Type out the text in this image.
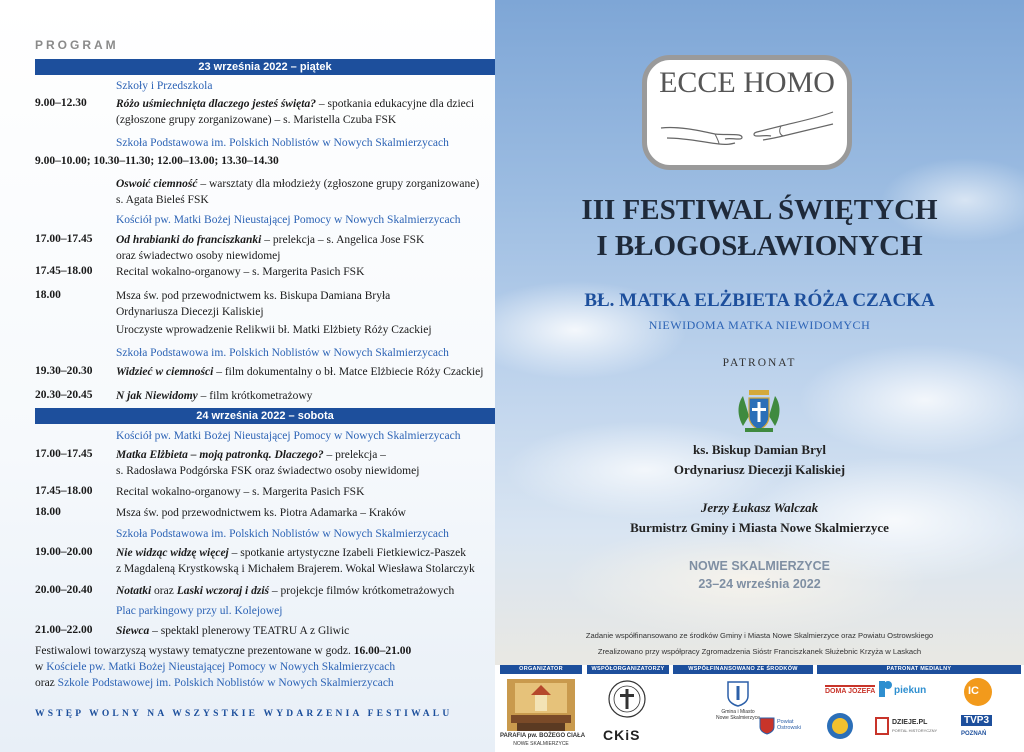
PROGRAM
23 września 2022 – piątek
Szkoły i Przedszkola
9.00–12.30	Różo uśmiechnięta dlaczego jesteś święta? – spotkania edukacyjne dla dzieci
(zgłoszone grupy zorganizowane) – s. Maristella Czuba FSK
Szkoła Podstawowa im. Polskich Noblistów w Nowych Skalmierzycach
9.00–10.00; 10.30–11.30; 12.00–13.00; 13.30–14.30
Oswoić ciemność – warsztaty dla młodzieży (zgłoszone grupy zorganizowane)
s. Agata Bieleś FSK
Kościół pw. Matki Bożej Nieustającej Pomocy w Nowych Skalmierzycach
17.00–17.45 Od hrabianki do franciszkanki – prelekcja – s. Angelica Jose FSK
oraz świadectwo osoby niewidomej
17.45–18.00 Recital wokalno-organowy – s. Margerita Pasich FSK
18.00	Msza św. pod przewodnictwem ks. Biskupa Damiana Bryła
Ordynariusza Diecezji Kaliskiej
Uroczyste wprowadzenie Relikwii bł. Matki Elżbiety Róży Czackiej
Szkoła Podstawowa im. Polskich Noblistów w Nowych Skalmierzycach
19.30–20.30 Widzieć w ciemności – film dokumentalny o bł. Matce Elżbiecie Róży Czackiej
20.30–20.45 N jak Niewidomy – film krótkometrażowy
24 września 2022 – sobota
Kościół pw. Matki Bożej Nieustającej Pomocy w Nowych Skalmierzycach
17.00–17.45 Matka Elżbieta – moją patronką. Dlaczego? – prelekcja –
s. Radosława Podgórska FSK oraz świadectwo osoby niewidomej
17.45–18.00 Recital wokalno-organowy – s. Margerita Pasich FSK
18.00	Msza św. pod przewodnictwem ks. Piotra Adamarka – Kraków
Szkoła Podstawowa im. Polskich Noblistów w Nowych Skalmierzycach
19.00–20.00 Nie widząc widzę więcej – spotkanie artystyczne Izabeli Fietkiewicz-Paszek
z Magdaleną Krystkowską i Michałem Brajerem. Wokal Wiesława Stolarczyk
20.00–20.40 Notatki oraz Laski wczoraj i dziś – projekcje filmów krótkometrażowych
Plac parkingowy przy ul. Kolejowej
21.00–22.00 Siewca – spektakl plenerowy TEATRU A z Gliwic
Festiwalowi towarzyszą wystawy tematyczne prezentowane w godz. 16.00–21.00
w Kościele pw. Matki Bożej Nieustającej Pomocy w Nowych Skalmierzycach
oraz Szkole Podstawowej im. Polskich Noblistów w Nowych Skalmierzycach
WSTĘP WOLNY NA WSZYSTKIE WYDARZENIA FESTIWALU
ECCE HOMO
III FESTIWAL ŚWIĘTYCH
I BŁOGOSŁAWIONYCH
BŁ. MATKA ELŻBIETA RÓŻA CZACKA
NIEWIDOMA MATKA NIEWIDOMYCH
PATRONAT
ks. Biskup Damian Bryl
Ordynariusz Diecezji Kaliskiej
Jerzy Łukasz Walczak
Burmistrz Gminy i Miasta Nowe Skalmierzyce
NOWE SKALMIERZYCE
23–24 września 2022
Zadanie współfinansowano ze środków Gminy i Miasta Nowe Skalmierzyce oraz Powiatu Ostrowskiego
Zrealizowano przy współpracy Zgromadzenia Sióstr Franciszkanek Służebnic Krzyża w Laskach
ORGANIZATOR	WSPÓŁORGANIZATORZY	WSPÓŁFINANSOWANO ZE ŚRODKÓW	PATRONAT MEDIALNY
PARAFIA pw. BOŻEGO CIAŁA
NOWE SKALMIERZYCE
CKiS
Gmina i Miasto
Nowe Skalmierzyce
Powiat
Ostrowski
DOMA JÓZEFA piekun	IC
DZIEJE.PL
PORTAL HISTORYCZNY
TVP3
POZNAŃ
